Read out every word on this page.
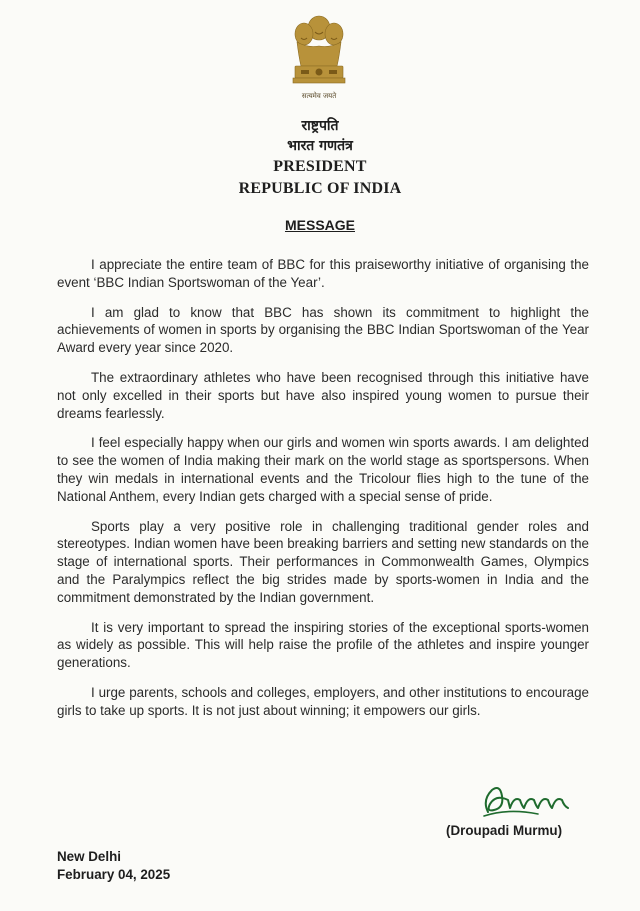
सत्यमेव जयते
राष्ट्रपति
भारत गणतंत्र
PRESIDENT
REPUBLIC OF INDIA
MESSAGE

I appreciate the entire team of BBC for this praiseworthy initiative of organising the event ‘BBC Indian Sportswoman of the Year’.

I am glad to know that BBC has shown its commitment to highlight the achievements of women in sports by organising the BBC Indian Sportswoman of the Year Award every year since 2020.

The extraordinary athletes who have been recognised through this initiative have not only excelled in their sports but have also inspired young women to pursue their dreams fearlessly.

I feel especially happy when our girls and women win sports awards. I am delighted to see the women of India making their mark on the world stage as sportspersons. When they win medals in international events and the Tricolour flies high to the tune of the National Anthem, every Indian gets charged with a special sense of pride.

Sports play a very positive role in challenging traditional gender roles and stereotypes. Indian women have been breaking barriers and setting new standards on the stage of international sports. Their performances in Commonwealth Games, Olympics and the Paralympics reflect the big strides made by sports-women in India and the commitment demonstrated by the Indian government.

It is very important to spread the inspiring stories of the exceptional sports-women as widely as possible. This will help raise the profile of the athletes and inspire younger generations.

I urge parents, schools and colleges, employers, and other institutions to encourage girls to take up sports. It is not just about winning; it empowers our girls.

(Droupadi Murmu)
New Delhi
February 04, 2025
